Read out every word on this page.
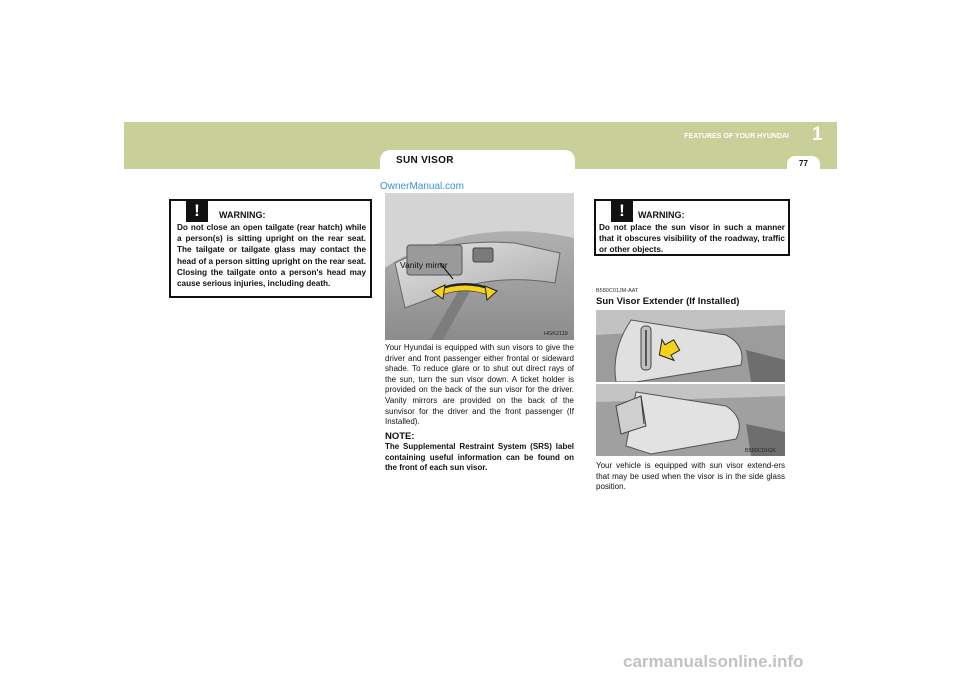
SUN VISOR
FEATURES OF YOUR HYUNDAI 1
77
!	WARNING:
Do not close an open tailgate (rear hatch) while a person(s) is sitting upright on the rear seat. The tailgate or tailgate glass may contact the head of a person sitting upright on the rear seat. Closing the tailgate onto a person's head may cause serious injuries, including death.
OwnerManual.com
Vanity mirror
HGK2119
Your Hyundai is equipped with sun visors to give the driver and front passenger either frontal or sideward shade. To reduce glare or to shut out direct rays of the sun, turn the sun visor down. A ticket holder is provided on the back of the sun visor for the driver. Vanity mirrors are provided on the back of the sunvisor for the driver and the front passenger (If Installed).
NOTE:
The Supplemental Restraint System (SRS) label containing useful information can be found on the front of each sun visor.
!	WARNING:
Do not place the sun visor in such a manner that it obscures visibility of the roadway, traffic or other objects.
B580C01JM-AAT
Sun Visor Extender (If Installed)
B580C01GK
Your vehicle is equipped with sun visor extend-ers that may be used when the visor is in the side glass position.
carmanualsonline.info
